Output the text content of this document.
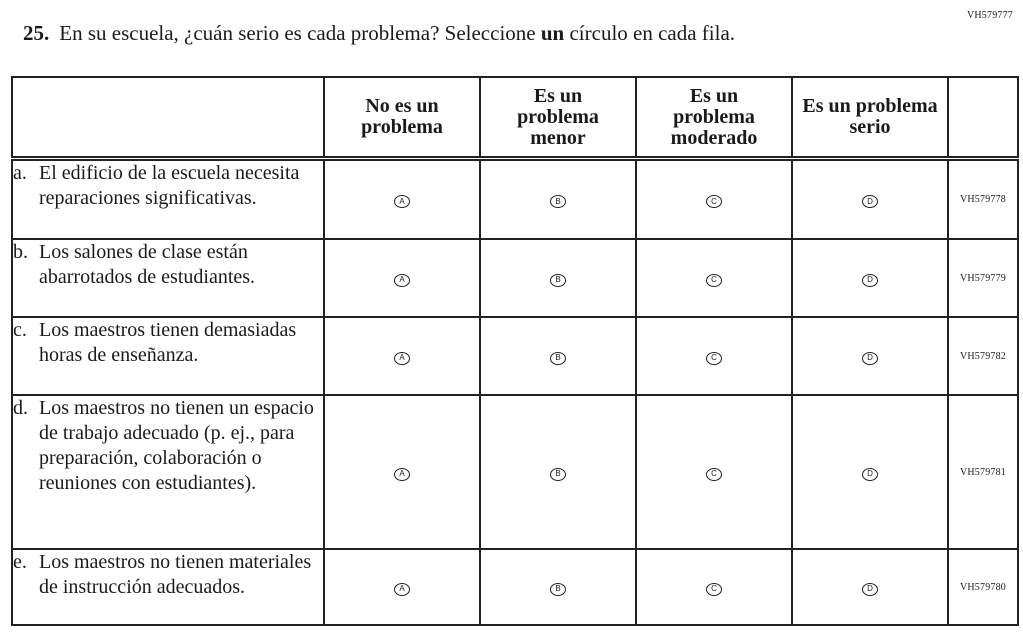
VH579777
25. En su escuela, ¿cuán serio es cada problema? Seleccione un círculo en cada fila.
	No es un problema	Es un problema menor	Es un problema moderado	Es un problema serio	

a. El edificio de la escuela necesita reparaciones significativas.	A	B	C	D	VH579778

b. Los salones de clase están abarrotados de estudiantes.	A	B	C	D	VH579779

c. Los maestros tienen demasiadas horas de enseñanza.	A	B	C	D	VH579782

d. Los maestros no tienen un espacio de trabajo adecuado (p. ej., para preparación, colaboración o reuniones con estudiantes).	A	B	C	D	VH579781

e. Los maestros no tienen materiales de instrucción adecuados.	A	B	C	D	VH579780
